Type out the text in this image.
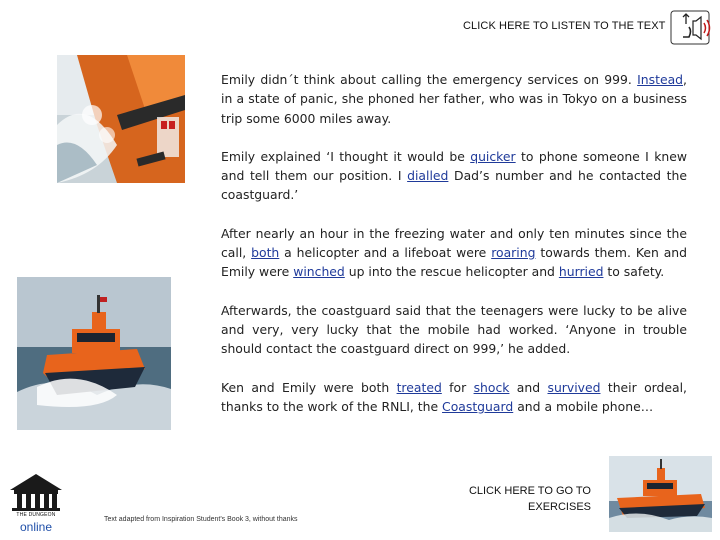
CLICK HERE TO LISTEN TO THE TEXT

Emily didn´t think about calling the emergency services on 999. Instead, in a state of panic, she phoned her father, who was in Tokyo on a business trip some 6000 miles away.

Emily explained ‘I thought it would be quicker to phone someone I knew and tell them our position. I dialled Dad’s number and he contacted the coastguard.’

After nearly an hour in the freezing water and only ten minutes since the call, both a helicopter and a lifeboat were roaring towards them. Ken and Emily were winched up into the rescue helicopter and hurried to safety.

Afterwards, the coastguard said that the teenagers were lucky to be alive and very, very lucky that the mobile had worked. ‘Anyone in trouble should contact the coastguard direct on 999,’ he added.

Ken and Emily were both treated for shock and survived their ordeal, thanks to the work of the RNLI, the Coastguard and a mobile phone…

THE DUNGEON
online
Text adapted from Inspiration Student's Book 3, without thanks
CLICK HERE TO GO TO EXERCISES
